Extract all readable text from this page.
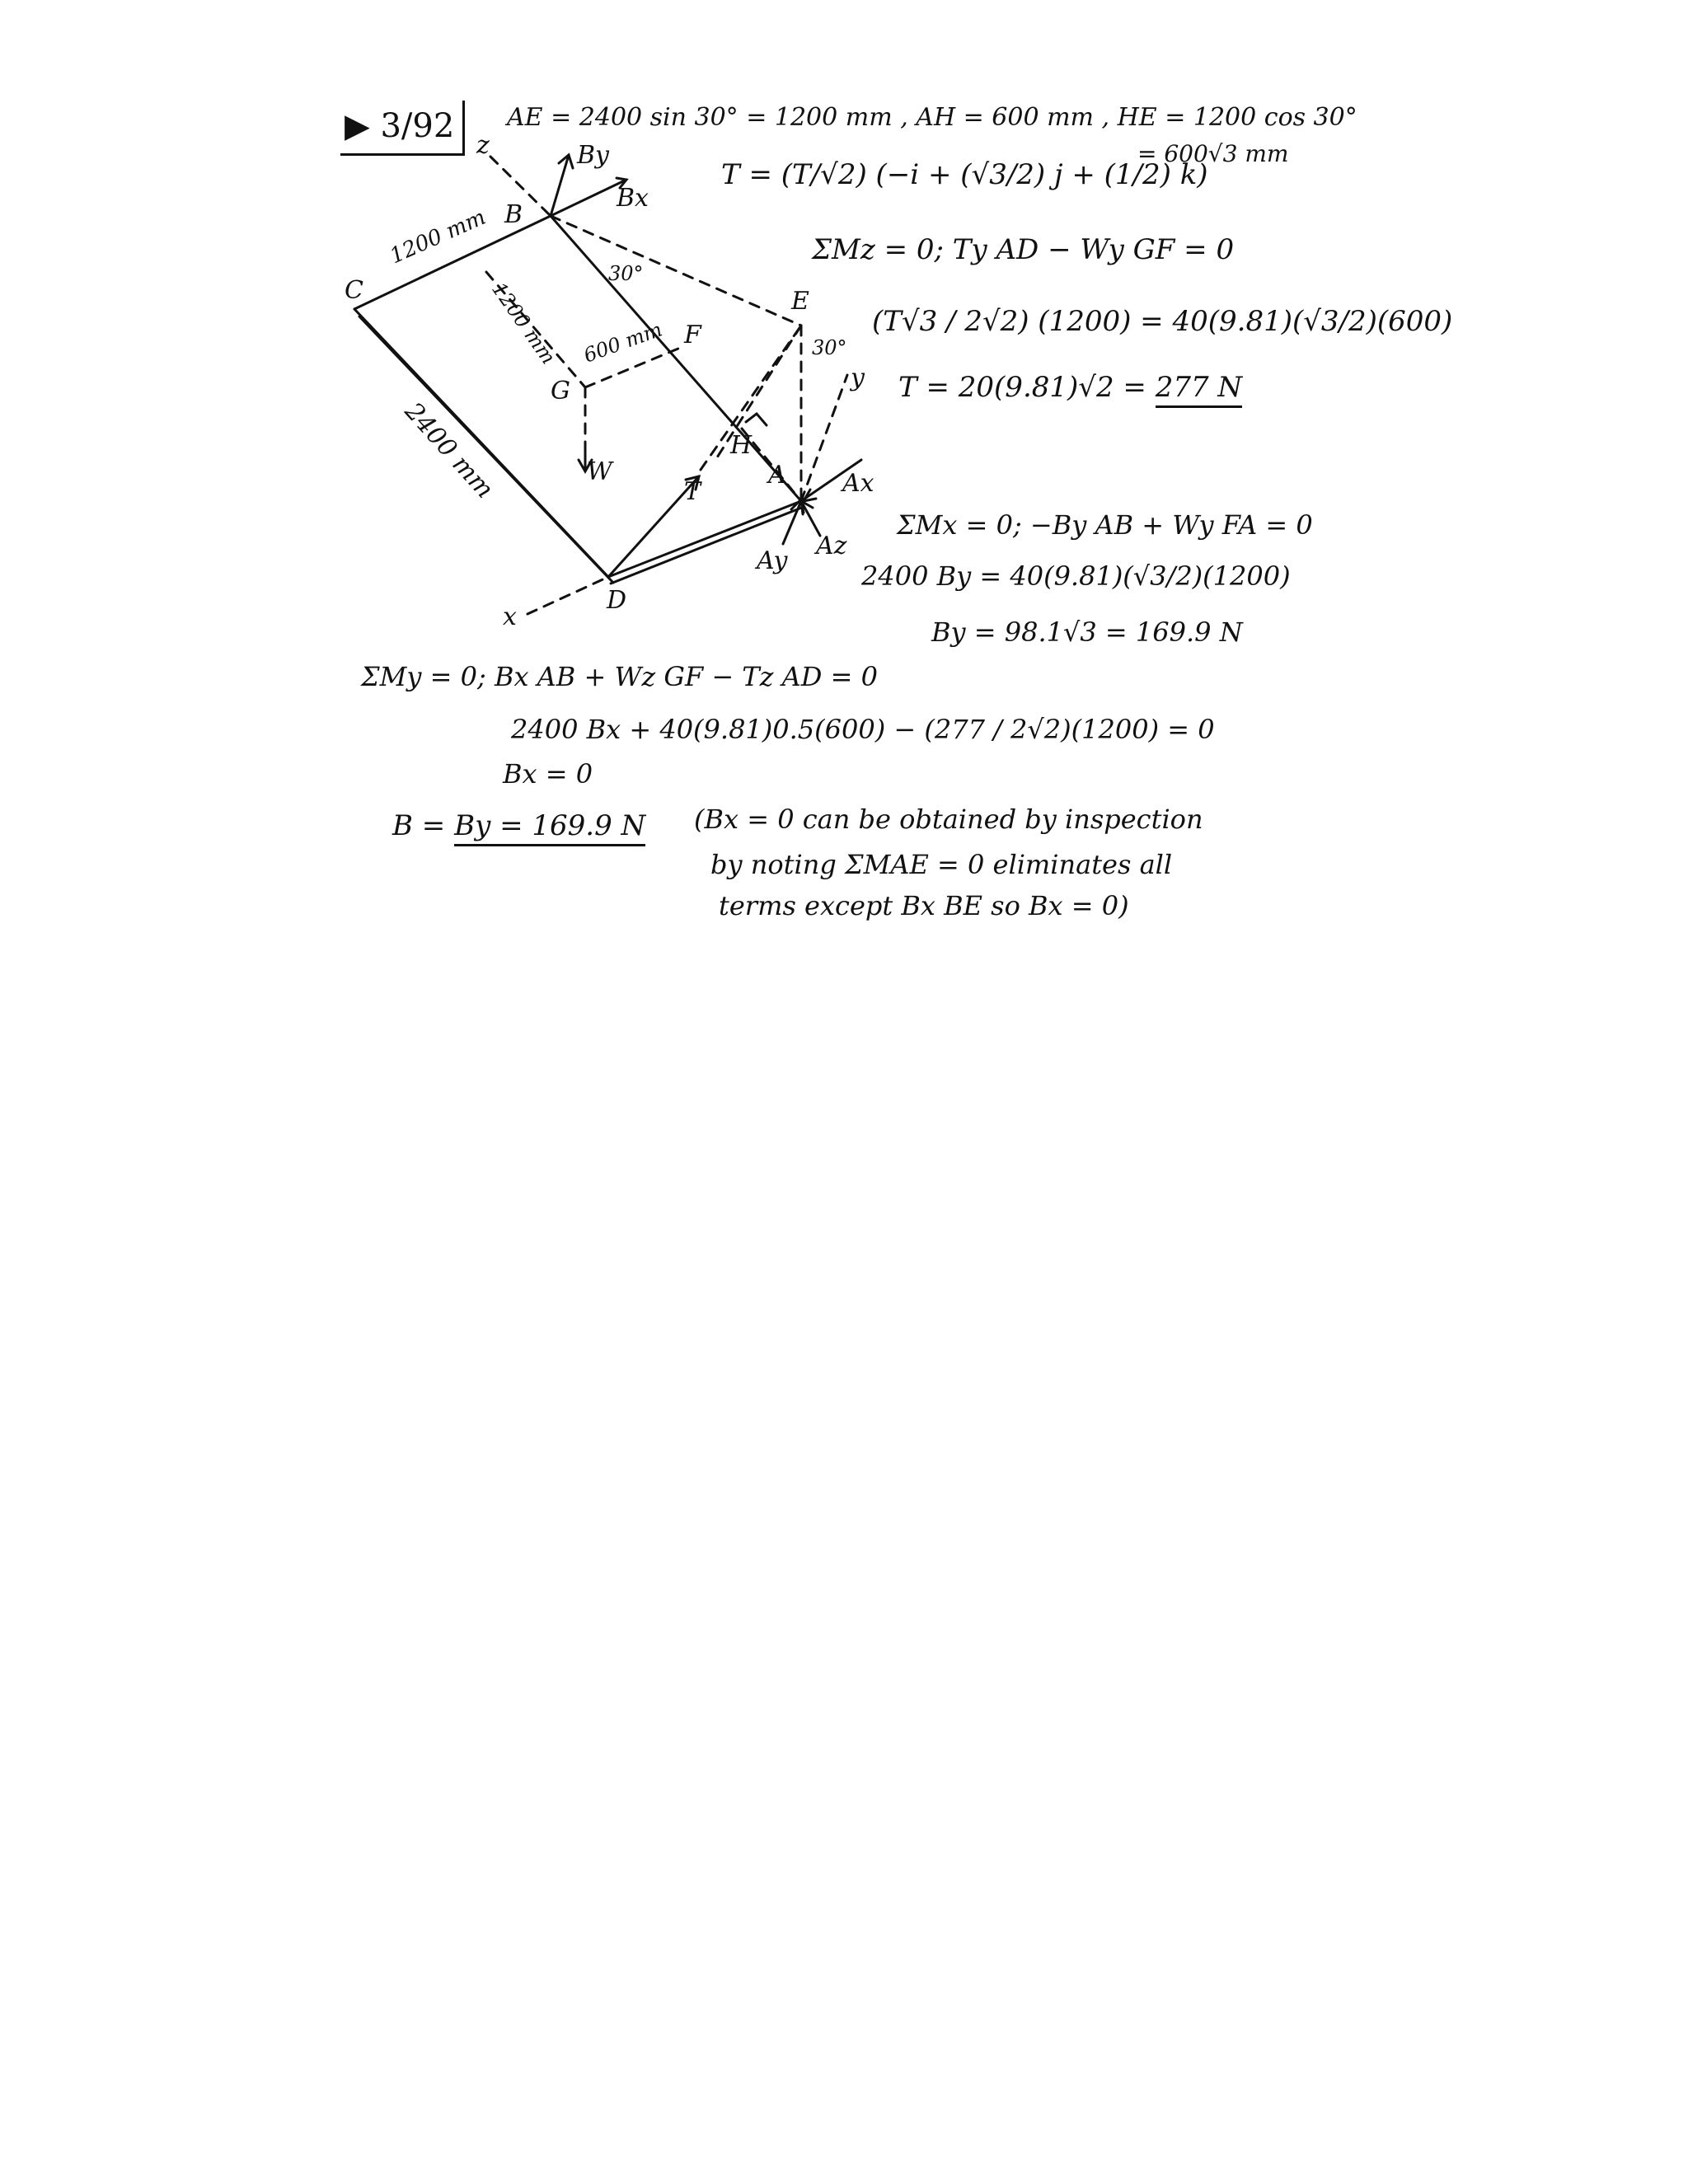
▶ 3/92
z	By
Bx
B
C
1200 mm
1200 mm
30°
E
30°
y
F
600 mm
G
2400 mm	H
W
T
A Ax
Az
Ay
x
D
AE = 2400 sin 30° = 1200 mm , AH = 600 mm , HE = 1200 cos 30°
= 600√3 mm
T = (T/√2) (−i + (√3/2) j + (1/2) k)
ΣMz = 0; Ty AD − Wy GF = 0
(T√3 / 2√2) (1200) = 40(9.81)(√3/2)(600)
T = 20(9.81)√2 = 277 N
ΣMx = 0; −By AB + Wy FA = 0
2400 By = 40(9.81)(√3/2)(1200)
By = 98.1√3 = 169.9 N
ΣMy = 0; Bx AB + Wz GF − Tz AD = 0
2400 Bx + 40(9.81)0.5(600) − (277 / 2√2)(1200) = 0
Bx = 0
B = By = 169.9 N (Bx = 0 can be obtained by inspection
by noting ΣMAE = 0 eliminates all
terms except Bx BE so Bx = 0)
